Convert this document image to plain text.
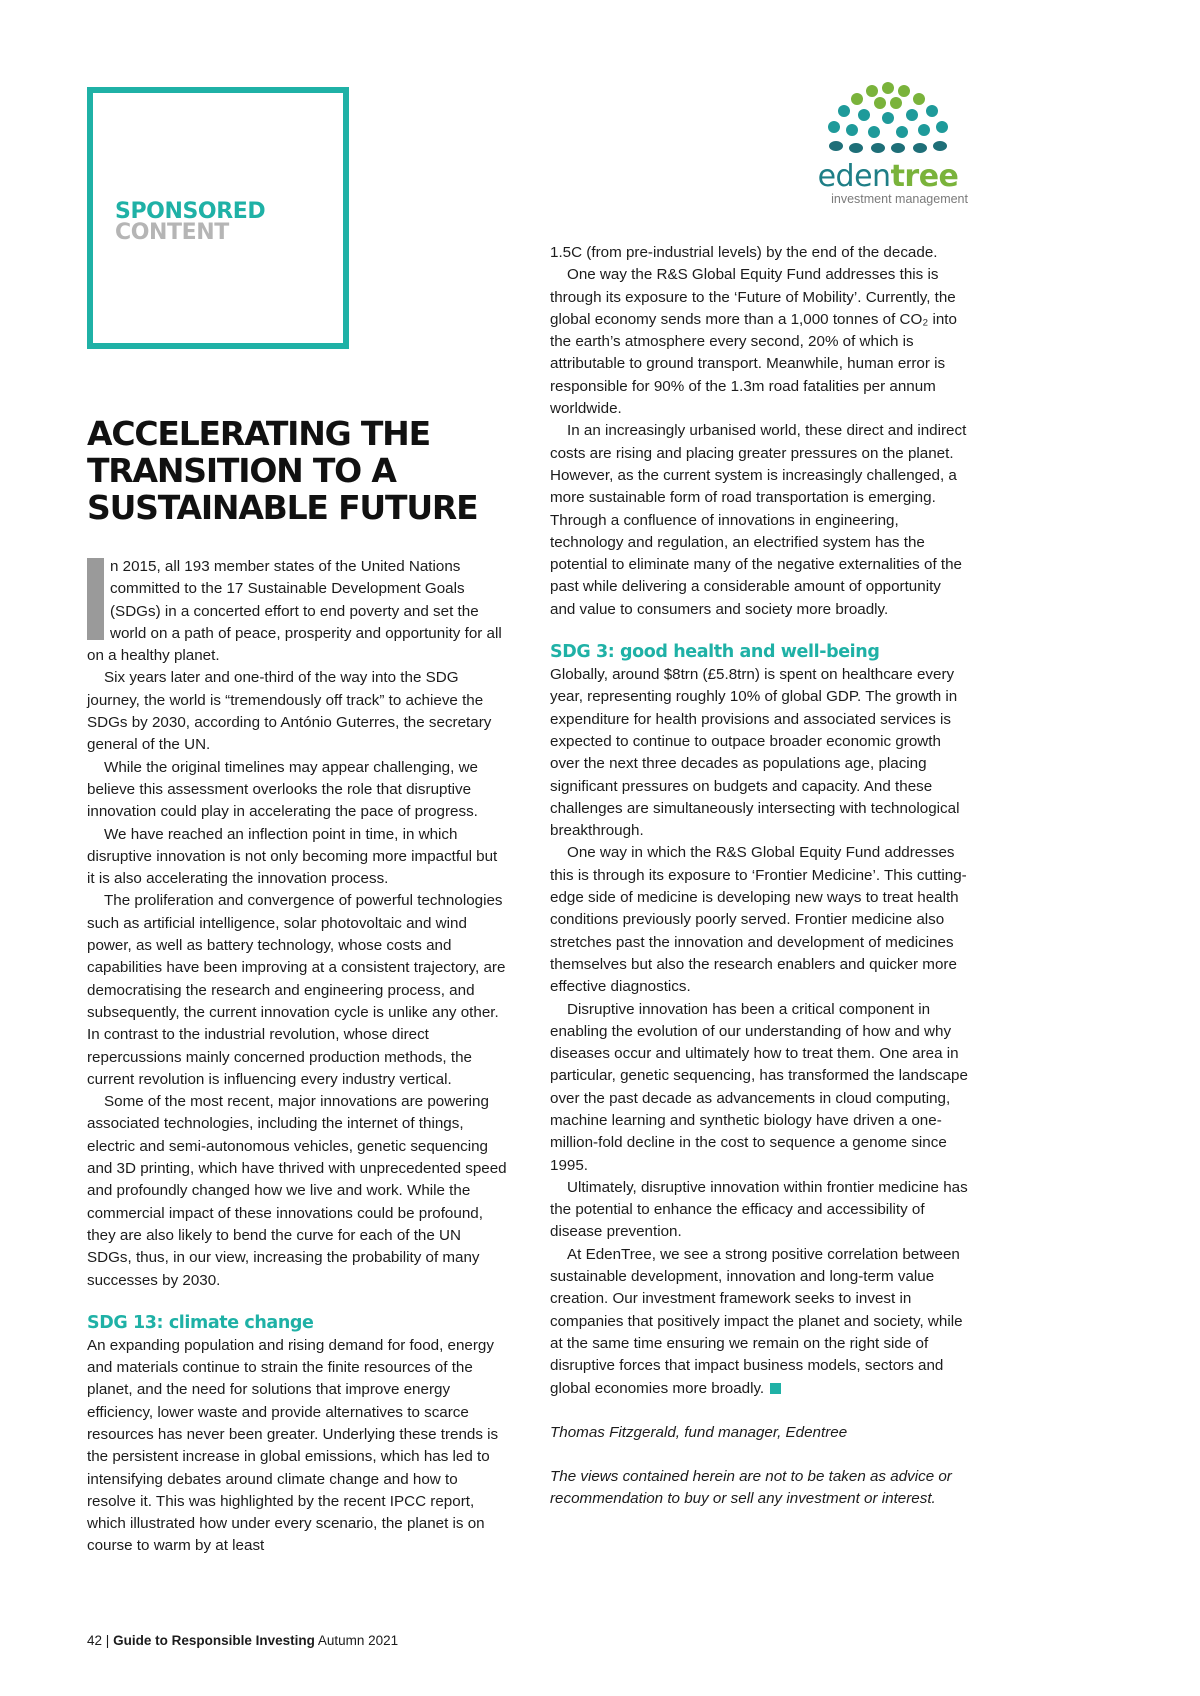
SPONSORED
CONTENT
edentree
investment management
ACCELERATING THE
TRANSITION TO A
SUSTAINABLE FUTURE

I	n 2015, all 193 member states of the United Nations committed to the 17 Sustainable Development Goals (SDGs) in a concerted effort to end poverty and set the world on a path of peace, prosperity and opportunity for all on a healthy planet.

Six years later and one-third of the way into the SDG journey, the world is “tremendously off track” to achieve the SDGs by 2030, according to António Guterres, the secretary general of the UN.

While the original timelines may appear challenging, we believe this assessment overlooks the role that disruptive innovation could play in accelerating the pace of progress.

We have reached an inflection point in time, in which disruptive innovation is not only becoming more impactful but it is also accelerating the innovation process.

The proliferation and convergence of powerful technologies such as artificial intelligence, solar photovoltaic and wind power, as well as battery technology, whose costs and capabilities have been improving at a consistent trajectory, are democratising the research and engineering process, and subsequently, the current innovation cycle is unlike any other. In contrast to the industrial revolution, whose direct repercussions mainly concerned production methods, the current revolution is influencing every industry vertical.

Some of the most recent, major innovations are powering associated technologies, including the internet of things, electric and semi-autonomous vehicles, genetic sequencing and 3D printing, which have thrived with unprecedented speed and profoundly changed how we live and work. While the commercial impact of these innovations could be profound, they are also likely to bend the curve for each of the UN SDGs, thus, in our view, increasing the probability of many successes by 2030.

SDG 13: climate change

An expanding population and rising demand for food, energy and materials continue to strain the finite resources of the planet, and the need for solutions that improve energy efficiency, lower waste and provide alternatives to scarce resources has never been greater. Underlying these trends is the persistent increase in global emissions, which has led to intensifying debates around climate change and how to resolve it. This was highlighted by the recent IPCC report, which illustrated how under every scenario, the planet is on course to warm by at least

1.5C (from pre-industrial levels) by the end of the decade.

One way the R&S Global Equity Fund addresses this is through its exposure to the ‘Future of Mobility’. Currently, the global economy sends more than a 1,000 tonnes of CO₂ into the earth’s atmosphere every second, 20% of which is attributable to ground transport. Meanwhile, human error is responsible for 90% of the 1.3m road fatalities per annum worldwide.

In an increasingly urbanised world, these direct and indirect costs are rising and placing greater pressures on the planet. However, as the current system is increasingly challenged, a more sustainable form of road transportation is emerging. Through a confluence of innovations in engineering, technology and regulation, an electrified system has the potential to eliminate many of the negative externalities of the past while delivering a considerable amount of opportunity and value to consumers and society more broadly.

SDG 3: good health and well-being

Globally, around $8trn (£5.8trn) is spent on healthcare every year, representing roughly 10% of global GDP. The growth in expenditure for health provisions and associated services is expected to continue to outpace broader economic growth over the next three decades as populations age, placing significant pressures on budgets and capacity. And these challenges are simultaneously intersecting with technological breakthrough.

One way in which the R&S Global Equity Fund addresses this is through its exposure to ‘Frontier Medicine’. This cutting-edge side of medicine is developing new ways to treat health conditions previously poorly served. Frontier medicine also stretches past the innovation and development of medicines themselves but also the research enablers and quicker more effective diagnostics.

Disruptive innovation has been a critical component in enabling the evolution of our understanding of how and why diseases occur and ultimately how to treat them. One area in particular, genetic sequencing, has transformed the landscape over the past decade as advancements in cloud computing, machine learning and synthetic biology have driven a one-million-fold decline in the cost to sequence a genome since 1995.

Ultimately, disruptive innovation within frontier medicine has the potential to enhance the efficacy and accessibility of disease prevention.

At EdenTree, we see a strong positive correlation between sustainable development, innovation and long-term value creation. Our investment framework seeks to invest in companies that positively impact the planet and society, while at the same time ensuring we remain on the right side of disruptive forces that impact business models, sectors and global economies more broadly.

Thomas Fitzgerald, fund manager, Edentree

The views contained herein are not to be taken as advice or recommendation to buy or sell any investment or interest.

42 | Guide to Responsible Investing Autumn 2021
